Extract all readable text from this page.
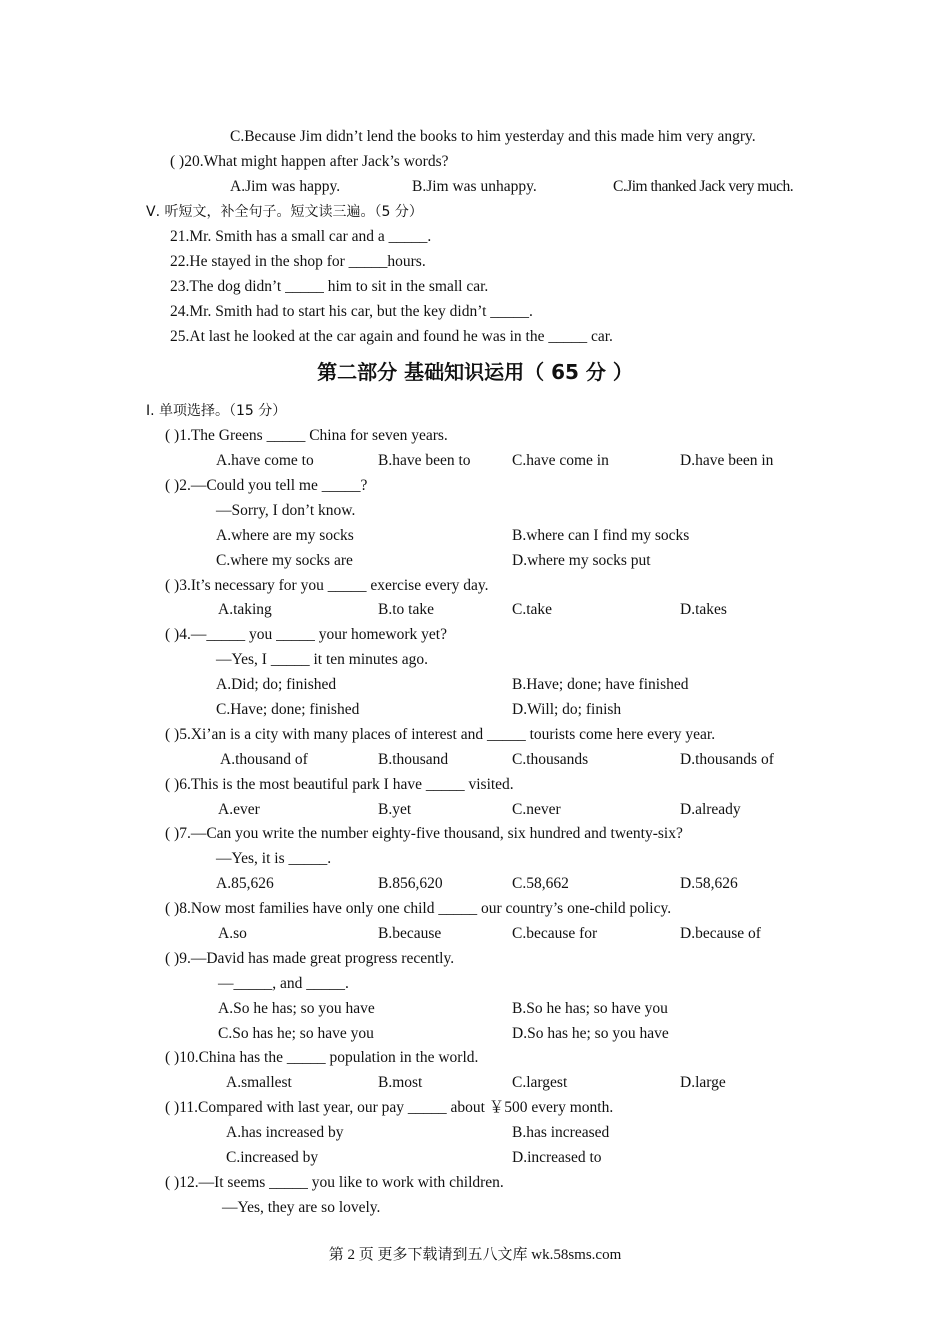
C.Because Jim didn’t lend the books to him yesterday and this made him very angry.
( )20.What might happen after Jack’s words?
A.Jim was happy.	B.Jim was unhappy.	C.Jim thanked Jack very much.
Ⅴ. 听短文，补全句子。短文读三遍。（5 分）
21.Mr. Smith has a small car and a _____.
22.He stayed in the shop for _____hours.
23.The dog didn’t _____ him to sit in the small car.
24.Mr. Smith had to start his car, but the key didn’t _____.
25.At last he looked at the car again and found he was in the _____ car.
第二部分 基础知识运用（ 65 分 ）
Ⅰ. 单项选择。（15 分）
( )1.The Greens _____ China for seven years.
A.have come to	B.have been to	C.have come in	D.have been in
( )2.—Could you tell me _____?
—Sorry, I don’t know.
A.where are my socks	B.where can I find my socks
C.where my socks are	D.where my socks put
( )3.It’s necessary for you _____ exercise every day.
A.taking	B.to take	C.take	D.takes
( )4.—_____ you _____ your homework yet?
—Yes, I _____ it ten minutes ago.
A.Did; do; finished	B.Have; done; have finished
C.Have; done; finished	D.Will; do; finish
( )5.Xi’an is a city with many places of interest and _____ tourists come here every year.
A.thousand of	B.thousand	C.thousands	D.thousands of
( )6.This is the most beautiful park I have _____ visited.
A.ever	B.yet	C.never	D.already
( )7.—Can you write the number eighty-five thousand, six hundred and twenty-six?
—Yes, it is _____.
A.85,626	B.856,620	C.58,662	D.58,626
( )8.Now most families have only one child _____ our country’s one-child policy.
A.so	B.because	C.because for	D.because of
( )9.—David has made great progress recently.
—_____, and _____.
A.So he has; so you have	B.So he has; so have you
C.So has he; so have you	D.So has he; so you have
( )10.China has the _____ population in the world.
A.smallest	B.most	C.largest	D.large
( )11.Compared with last year, our pay _____ about ￥500 every month.
A.has increased by	B.has increased
C.increased by	D.increased to
( )12.—It seems _____ you like to work with children.
—Yes, they are so lovely.
第 2 页 更多下载请到五八文库 wk.58sms.com
